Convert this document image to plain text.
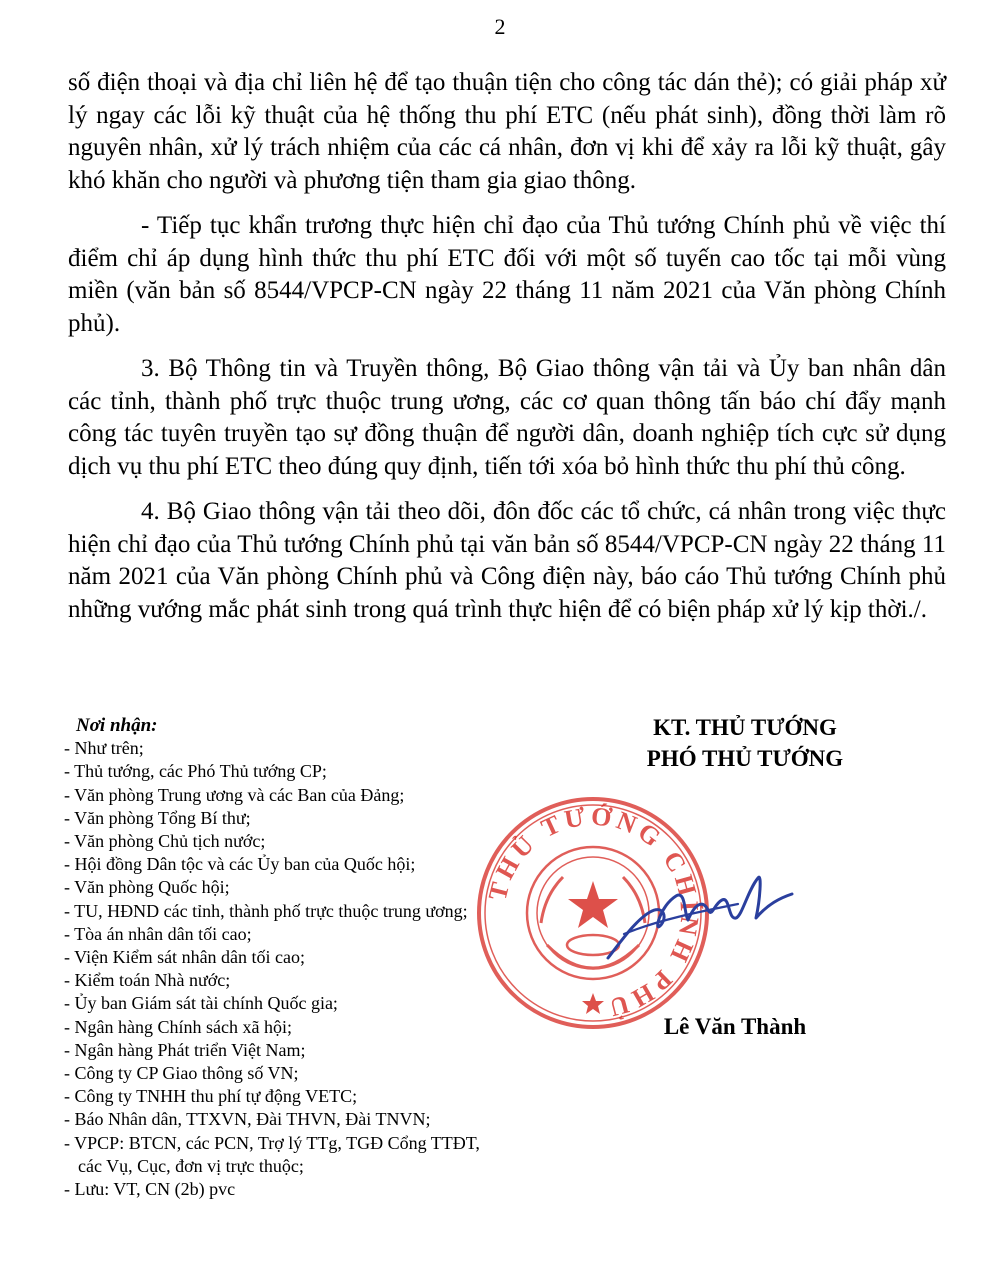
2

số điện thoại và địa chỉ liên hệ để tạo thuận tiện cho công tác dán thẻ); có giải pháp xử lý ngay các lỗi kỹ thuật của hệ thống thu phí ETC (nếu phát sinh), đồng thời làm rõ nguyên nhân, xử lý trách nhiệm của các cá nhân, đơn vị khi để xảy ra lỗi kỹ thuật, gây khó khăn cho người và phương tiện tham gia giao thông.

- Tiếp tục khẩn trương thực hiện chỉ đạo của Thủ tướng Chính phủ về việc thí điểm chỉ áp dụng hình thức thu phí ETC đối với một số tuyến cao tốc tại mỗi vùng miền (văn bản số 8544/VPCP-CN ngày 22 tháng 11 năm 2021 của Văn phòng Chính phủ).

3. Bộ Thông tin và Truyền thông, Bộ Giao thông vận tải và Ủy ban nhân dân các tỉnh, thành phố trực thuộc trung ương, các cơ quan thông tấn báo chí đẩy mạnh công tác tuyên truyền tạo sự đồng thuận để người dân, doanh nghiệp tích cực sử dụng dịch vụ thu phí ETC theo đúng quy định, tiến tới xóa bỏ hình thức thu phí thủ công.

4. Bộ Giao thông vận tải theo dõi, đôn đốc các tổ chức, cá nhân trong việc thực hiện chỉ đạo của Thủ tướng Chính phủ tại văn bản số 8544/VPCP-CN ngày 22 tháng 11 năm 2021 của Văn phòng Chính phủ và Công điện này, báo cáo Thủ tướng Chính phủ những vướng mắc phát sinh trong quá trình thực hiện để có biện pháp xử lý kịp thời./.

Nơi nhận:

- Như trên;
- Thủ tướng, các Phó Thủ tướng CP;
- Văn phòng Trung ương và các Ban của Đảng;
- Văn phòng Tổng Bí thư;
- Văn phòng Chủ tịch nước;
- Hội đồng Dân tộc và các Ủy ban của Quốc hội;
- Văn phòng Quốc hội;
- TU, HĐND các tỉnh, thành phố trực thuộc trung ương;
- Tòa án nhân dân tối cao;
- Viện Kiểm sát nhân dân tối cao;
- Kiểm toán Nhà nước;
- Ủy ban Giám sát tài chính Quốc gia;
- Ngân hàng Chính sách xã hội;
- Ngân hàng Phát triển Việt Nam;
- Công ty CP Giao thông số VN;
- Công ty TNHH thu phí tự động VETC;
- Báo Nhân dân, TTXVN, Đài THVN, Đài TNVN;
- VPCP: BTCN, các PCN, Trợ lý TTg, TGĐ Cổng TTĐT,
các Vụ, Cục, đơn vị trực thuộc;
- Lưu: VT, CN (2b) pvc

KT. THỦ TƯỚNG

PHÓ THỦ TƯỚNG

THỦ TƯỚNG CHÍNH PHỦ
Lê Văn Thành
